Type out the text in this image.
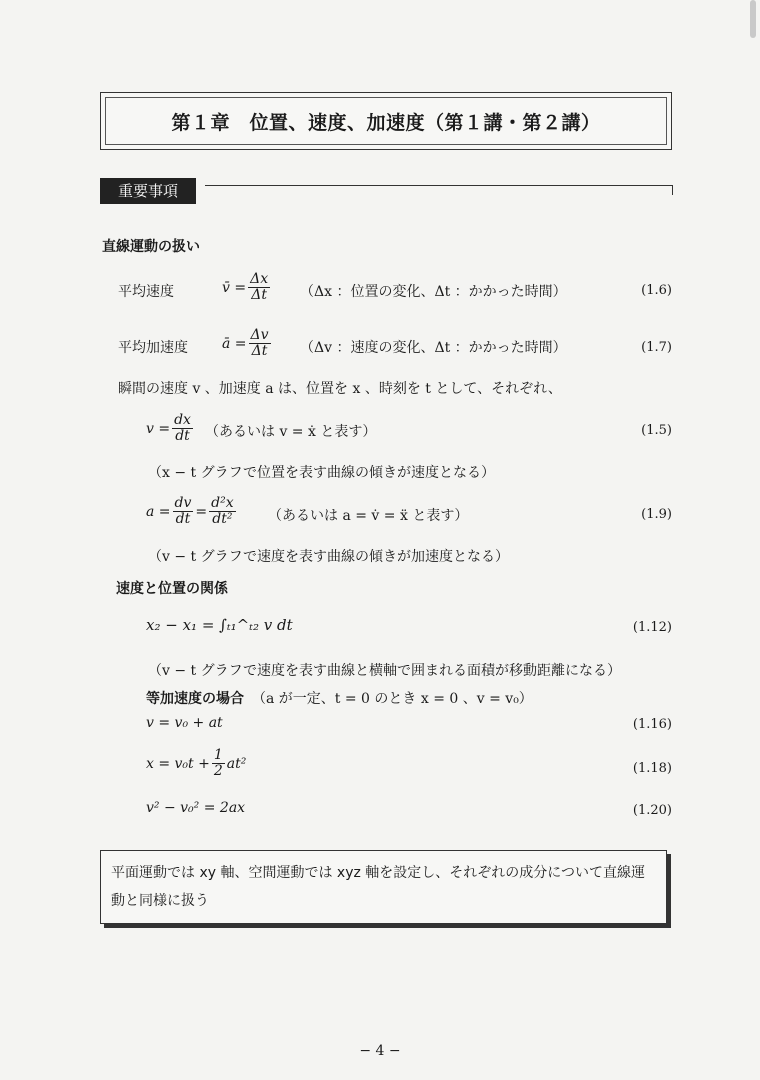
第１章　位置、速度、加速度（第１講・第２講）
重要事項
直線運動の扱い
平均速度	v̄ = $\frac{\Delta x}{\Delta t} (\Delta x$ ：位置の変化、Δt ：かかった時間）	(1.6)
平均加速度 ā = $\frac{\Delta v}{\Delta t} (\Delta v$ ：速度の変化、Δt ：かかった時間）	(1.7)
瞬間の速度 v 、加速度 a は、位置を x 、時刻を t として、それぞれ、
$v = \frac{dx}{dt}$ （あるいは v = ẋ と表す）	(1.5)
（x − t グラフで位置を表す曲線の傾きが速度となる）
$a = \frac{dv}{dt} = \frac{\text{d²x}}{\text{dt²}}$ （あるいは a = v̇ = ẍ と表す）	(1.9)
（v − t グラフで速度を表す曲線の傾きが加速度となる）
速度と位置の関係
x₂ − x₁ = ∫ₜ₁^ₜ₂ v dt	(1.12)
（v − t グラフで速度を表す曲線と横軸で囲まれる面積が移動距離になる）
等加速度の場合 （a が一定、t = 0 のとき x = 0 、v = v₀）
v = v₀ + at	(1.16)
$x = v_0t + \frac{1}{2} at^2$	(1.18)
v² − v₀² = 2ax	(1.20)
平面運動では xy 軸、空間運動では xyz 軸を設定し、それぞれの成分について直線運
動と同様に扱う
− 4 −
